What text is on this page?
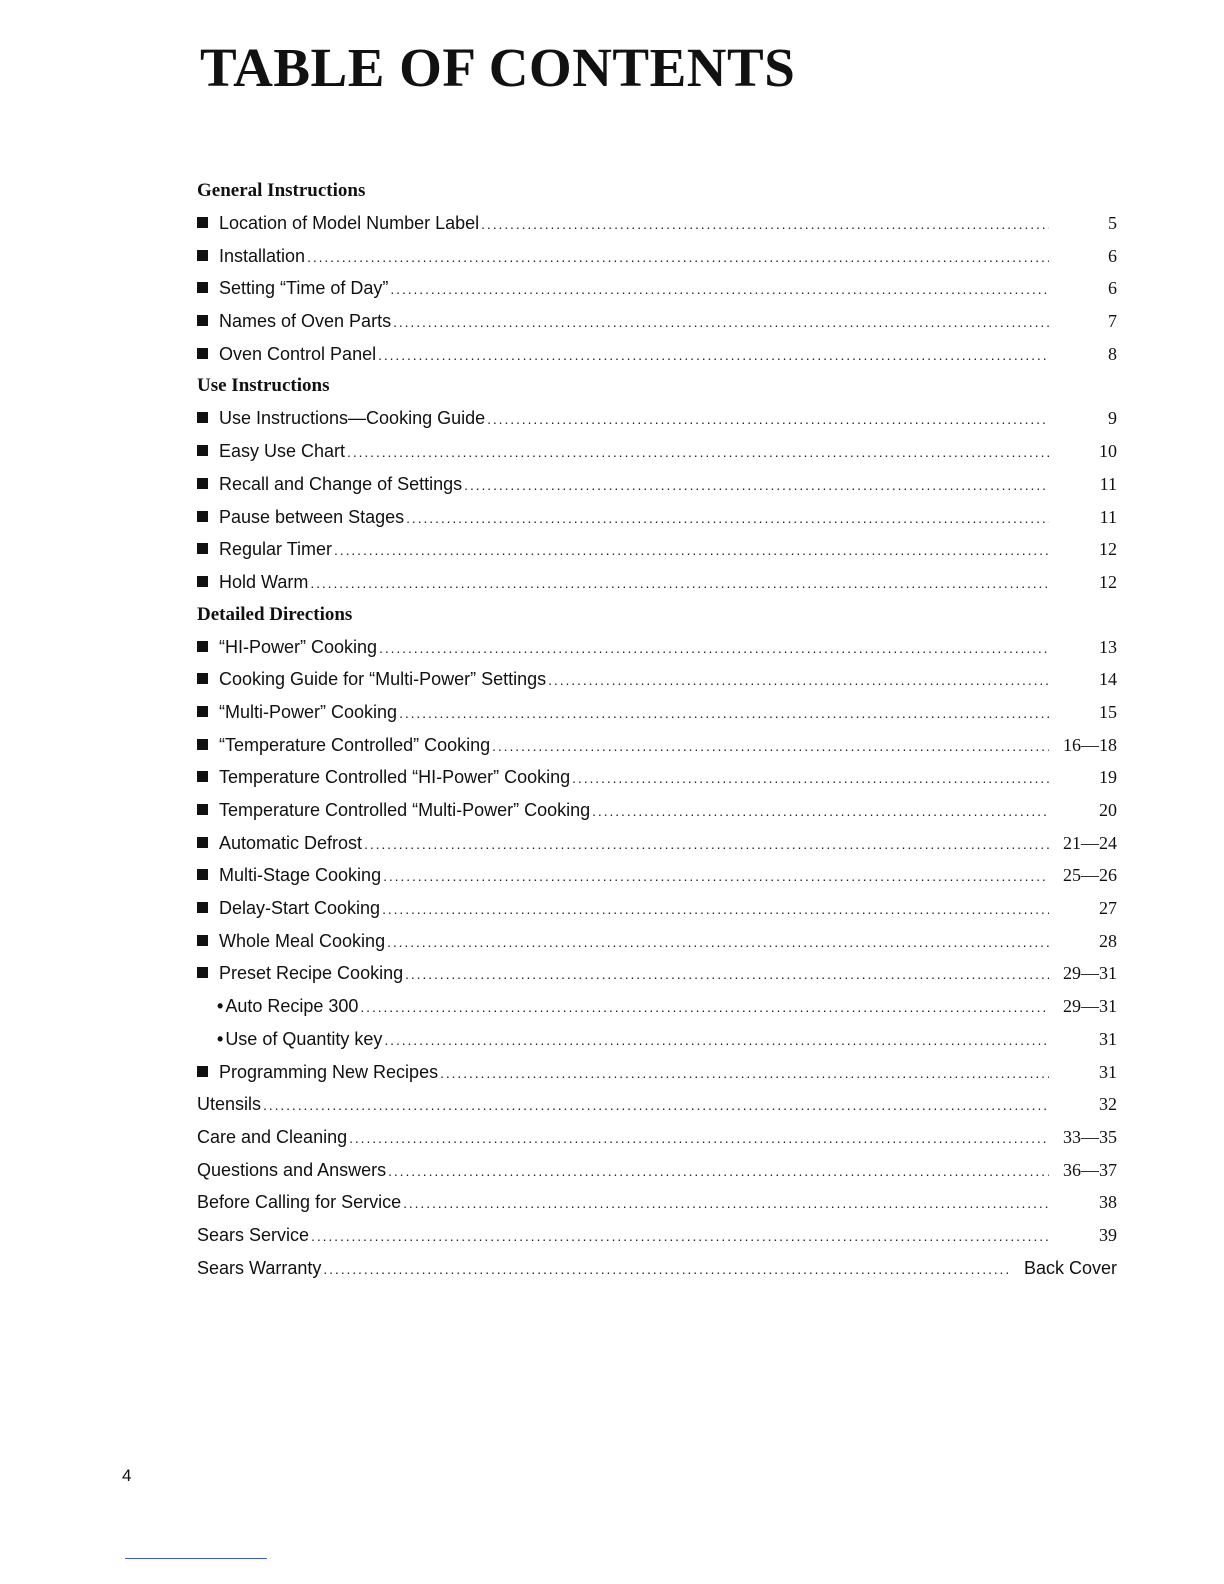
TABLE OF CONTENTS
General Instructions
Location of Model Number Label . . .	5
Installation . . .	6
Setting “Time of Day” . . .	6
Names of Oven Parts . . .	7
Oven Control Panel . . .	8
Use Instructions
Use Instructions—Cooking Guide . . .	9
Easy Use Chart . . .	10
Recall and Change of Settings . . .	11
Pause between Stages . . .	11
Regular Timer . . .	12
Hold Warm . . .	12
Detailed Directions
“HI-Power” Cooking . . .	13
Cooking Guide for “Multi-Power” Settings . . .	14
“Multi-Power” Cooking . . .	15
“Temperature Controlled” Cooking . . .	16—18
Temperature Controlled “HI-Power” Cooking . . .	19
Temperature Controlled “Multi-Power” Cooking . . .	20
Automatic Defrost . . .	21—24
Multi-Stage Cooking . . .	25—26
Delay-Start Cooking . . .	27
Whole Meal Cooking . . .	28
Preset Recipe Cooking . . .	29—31
• Auto Recipe 300 . . .	29—31
• Use of Quantity key . . .	31
Programming New Recipes . . .	31
Utensils . . .	32
Care and Cleaning . . .	33—35
Questions and Answers . . .	36—37
Before Calling for Service . . .	38
Sears Service . . .	39
Sears Warranty . . .	Back Cover
4
